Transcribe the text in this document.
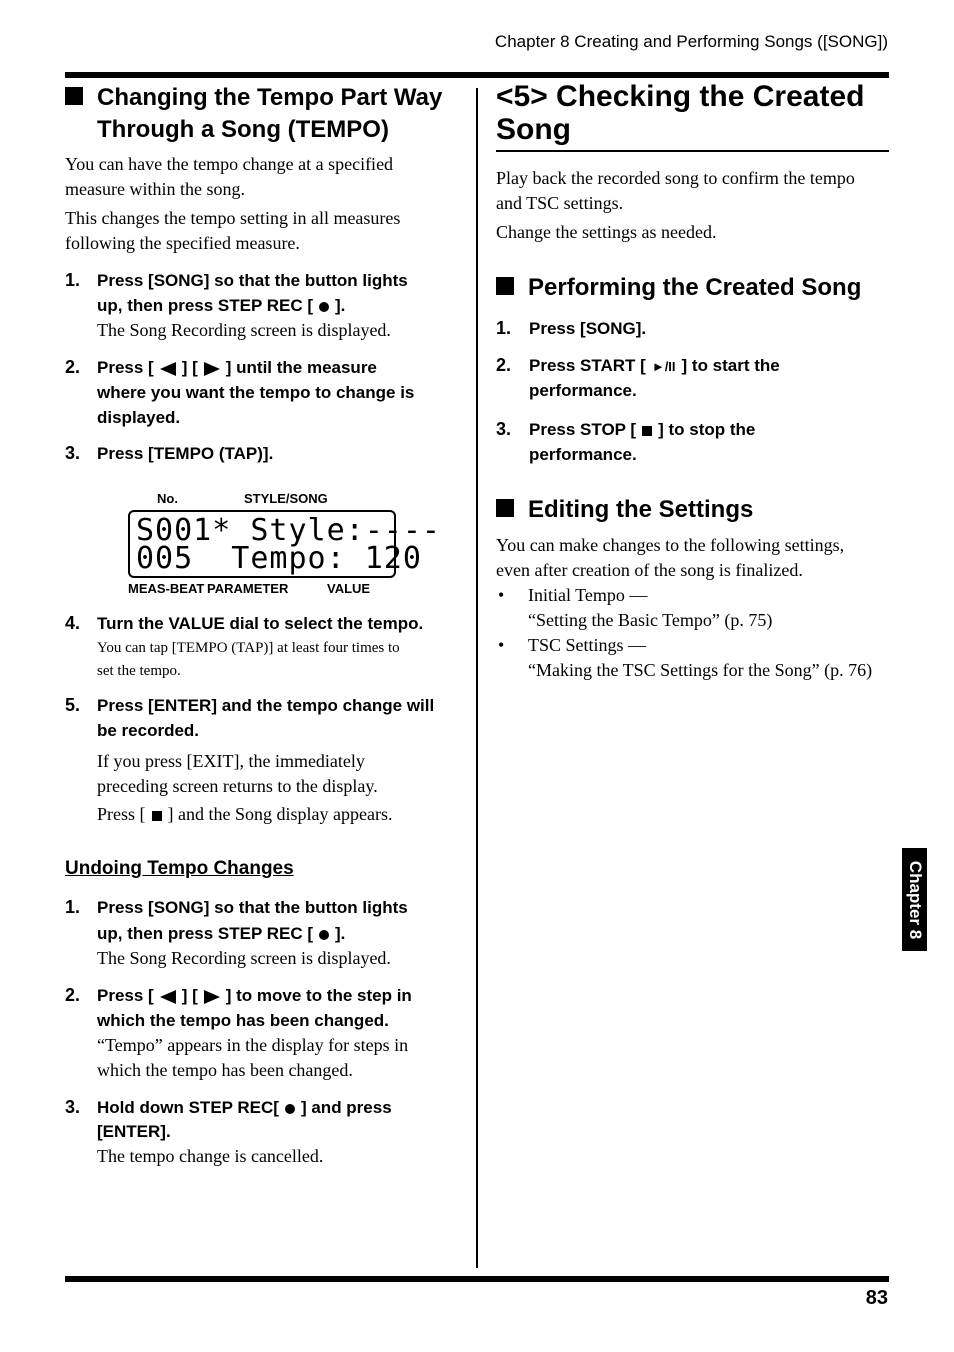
Chapter 8 Creating and Performing Songs ([SONG])
Changing the Tempo Part Way
Through a Song (TEMPO)
You can have the tempo change at a specified
measure within the song.
This changes the tempo setting in all measures
following the specified measure.
1. Press [SONG] so that the button lights
up, then press STEP REC [ ].
The Song Recording screen is displayed.
2. Press [ ] [ ] until the measure
where you want the tempo to change is
displayed.
3. Press [TEMPO (TAP)].
No.	STYLE/SONG
S001* Style:----
005  Tempo: 120
MEAS-BEAT PARAMETER	VALUE
4. Turn the VALUE dial to select the tempo.
You can tap [TEMPO (TAP)] at least four times to
set the tempo.
5. Press [ENTER] and the tempo change will
be recorded.
If you press [EXIT], the immediately
preceding screen returns to the display.
Press [ ] and the Song display appears.
Undoing Tempo Changes
1. Press [SONG] so that the button lights
up, then press STEP REC [ ].
The Song Recording screen is displayed.
2. Press [ ] [ ] to move to the step in
which the tempo has been changed.
“Tempo” appears in the display for steps in
which the tempo has been changed.
3. Hold down STEP REC[ ] and press
[ENTER].
The tempo change is cancelled.
<5> Checking the Created
Song
Play back the recorded song to confirm the tempo
and TSC settings.
Change the settings as needed.
Performing the Created Song
1. Press [SONG].
2. Press START [ ►/II ] to start the
performance.
3. Press STOP [ ] to stop the
performance.
Editing the Settings
You can make changes to the following settings,
even after creation of the song is finalized.
• Initial Tempo —
“Setting the Basic Tempo” (p. 75)
• TSC Settings —
“Making the TSC Settings for the Song” (p. 76)
Chapter 8
83
